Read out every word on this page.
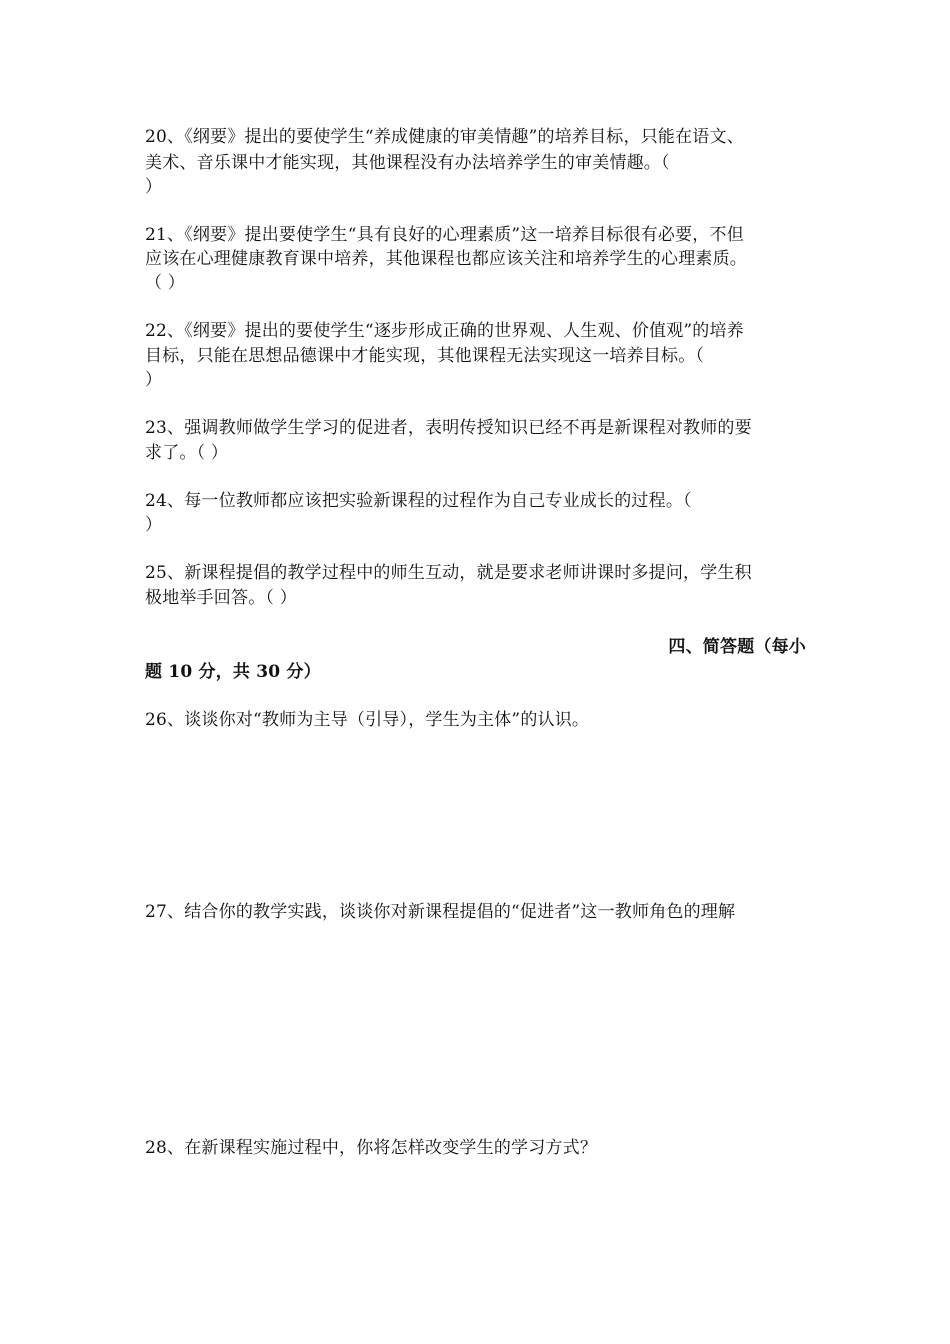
20、《纲要》提出的要使学生“养成健康的审美情趣”的培养目标，只能在语文、
美术、音乐课中才能实现，其他课程没有办法培养学生的审美情趣。（
）
21、《纲要》提出要使学生“具有良好的心理素质”这一培养目标很有必要，不但
应该在心理健康教育课中培养，其他课程也都应该关注和培养学生的心理素质。
（ ）
22、《纲要》提出的要使学生“逐步形成正确的世界观、人生观、价值观”的培养
目标，只能在思想品德课中才能实现，其他课程无法实现这一培养目标。（
）
23、强调教师做学生学习的促进者，表明传授知识已经不再是新课程对教师的要
求了。（ ）
24、每一位教师都应该把实验新课程的过程作为自己专业成长的过程。（
）
25、新课程提倡的教学过程中的师生互动，就是要求老师讲课时多提问，学生积
极地举手回答。（ ）
四、简答题（每小
题 10 分，共 30 分）
26、谈谈你对“教师为主导（引导），学生为主体”的认识。
27、结合你的教学实践，谈谈你对新课程提倡的“促进者”这一教师角色的理解
28、在新课程实施过程中，你将怎样改变学生的学习方式？
